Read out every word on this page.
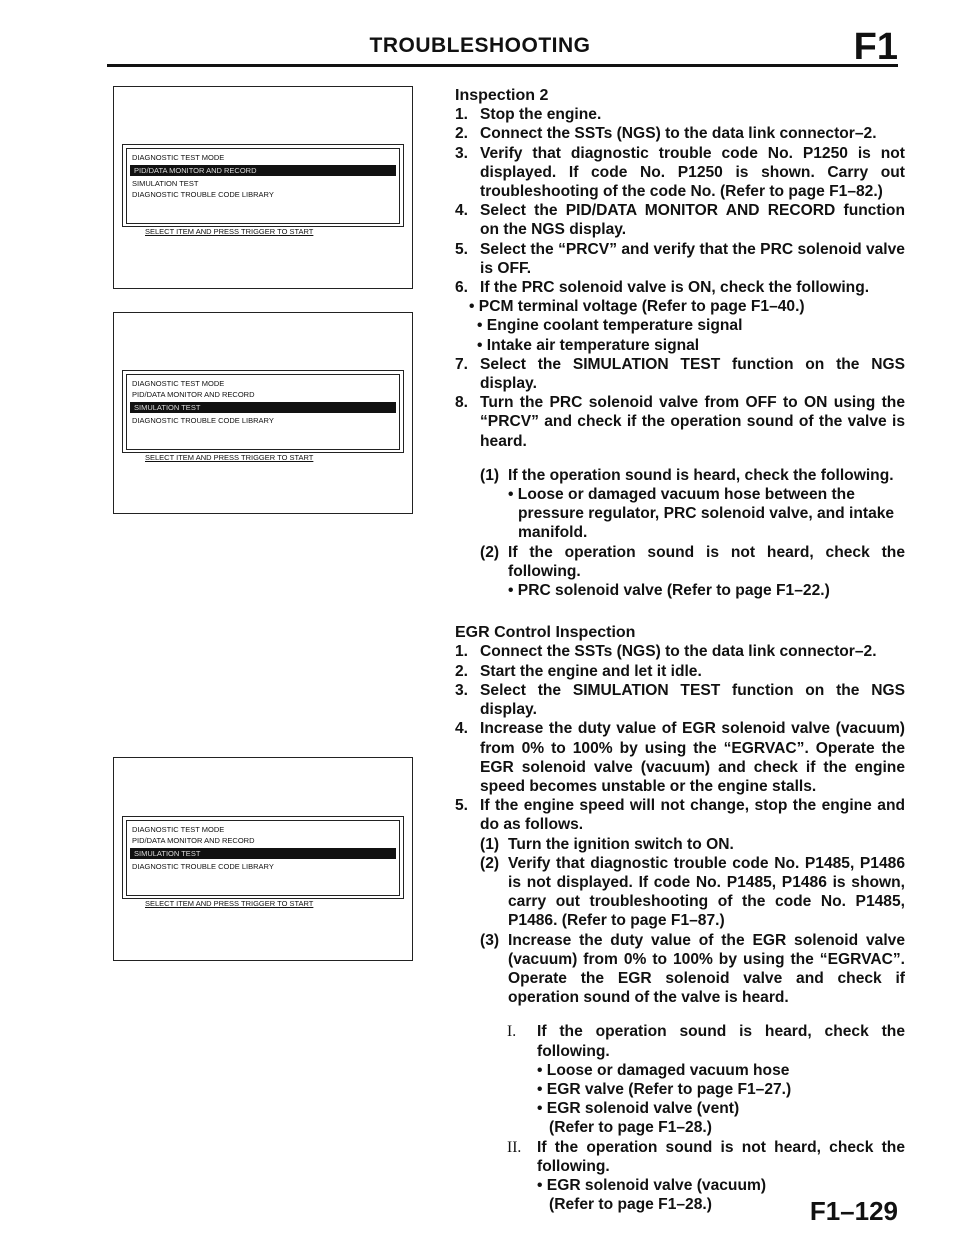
TROUBLESHOOTING	F1
DIAGNOSTIC TEST MODE
PID/DATA MONITOR AND RECORD
SIMULATION TEST
DIAGNOSTIC TROUBLE CODE LIBRARY
SELECT ITEM AND PRESS TRIGGER TO START
DIAGNOSTIC TEST MODE
PID/DATA MONITOR AND RECORD
SIMULATION TEST
DIAGNOSTIC TROUBLE CODE LIBRARY
SELECT ITEM AND PRESS TRIGGER TO START
DIAGNOSTIC TEST MODE
PID/DATA MONITOR AND RECORD
SIMULATION TEST
DIAGNOSTIC TROUBLE CODE LIBRARY
SELECT ITEM AND PRESS TRIGGER TO START
Inspection 2
1. Stop the engine.
2. Connect the SSTs (NGS) to the data link connector–2.
3. Verify that diagnostic trouble code No. P1250 is not displayed. If code No. P1250 is shown. Carry out troubleshooting of the code No. (Refer to page F1–82.)
4. Select the PID/DATA MONITOR AND RECORD function on the NGS display.
5. Select the “PRCV” and verify that the PRC solenoid valve is OFF.
6. If the PRC solenoid valve is ON, check the following.
• PCM terminal voltage (Refer to page F1–40.)
• Engine coolant temperature signal
• Intake air temperature signal
7. Select the SIMULATION TEST function on the NGS display.
8. Turn the PRC solenoid valve from OFF to ON using the “PRCV” and check if the operation sound of the valve is heard.
(1) If the operation sound is heard, check the following.
• Loose or damaged vacuum hose between the pressure regulator, PRC solenoid valve, and intake manifold.
(2) If the operation sound is not heard, check the following.
• PRC solenoid valve (Refer to page F1–22.)
EGR Control Inspection
1. Connect the SSTs (NGS) to the data link connector–2.
2. Start the engine and let it idle.
3. Select the SIMULATION TEST function on the NGS display.
4. Increase the duty value of EGR solenoid valve (vacuum) from 0% to 100% by using the “EGRVAC”. Operate the EGR solenoid valve (vacuum) and check if the engine speed becomes unstable or the engine stalls.
5. If the engine speed will not change, stop the engine and do as follows.
(1) Turn the ignition switch to ON.
(2) Verify that diagnostic trouble code No. P1485, P1486 is not displayed. If code No. P1485, P1486 is shown, carry out troubleshooting of the code No. P1485, P1486. (Refer to page F1–87.)
(3) Increase the duty value of the EGR solenoid valve (vacuum) from 0% to 100% by using the “EGRVAC”. Operate the EGR solenoid valve and check if operation sound of the valve is heard.
I. If the operation sound is heard, check the following.
• Loose or damaged vacuum hose
• EGR valve (Refer to page F1–27.)
• EGR solenoid valve (vent)
(Refer to page F1–28.)
II. If the operation sound is not heard, check the following.
• EGR solenoid valve (vacuum)
(Refer to page F1–28.)	F1–129
